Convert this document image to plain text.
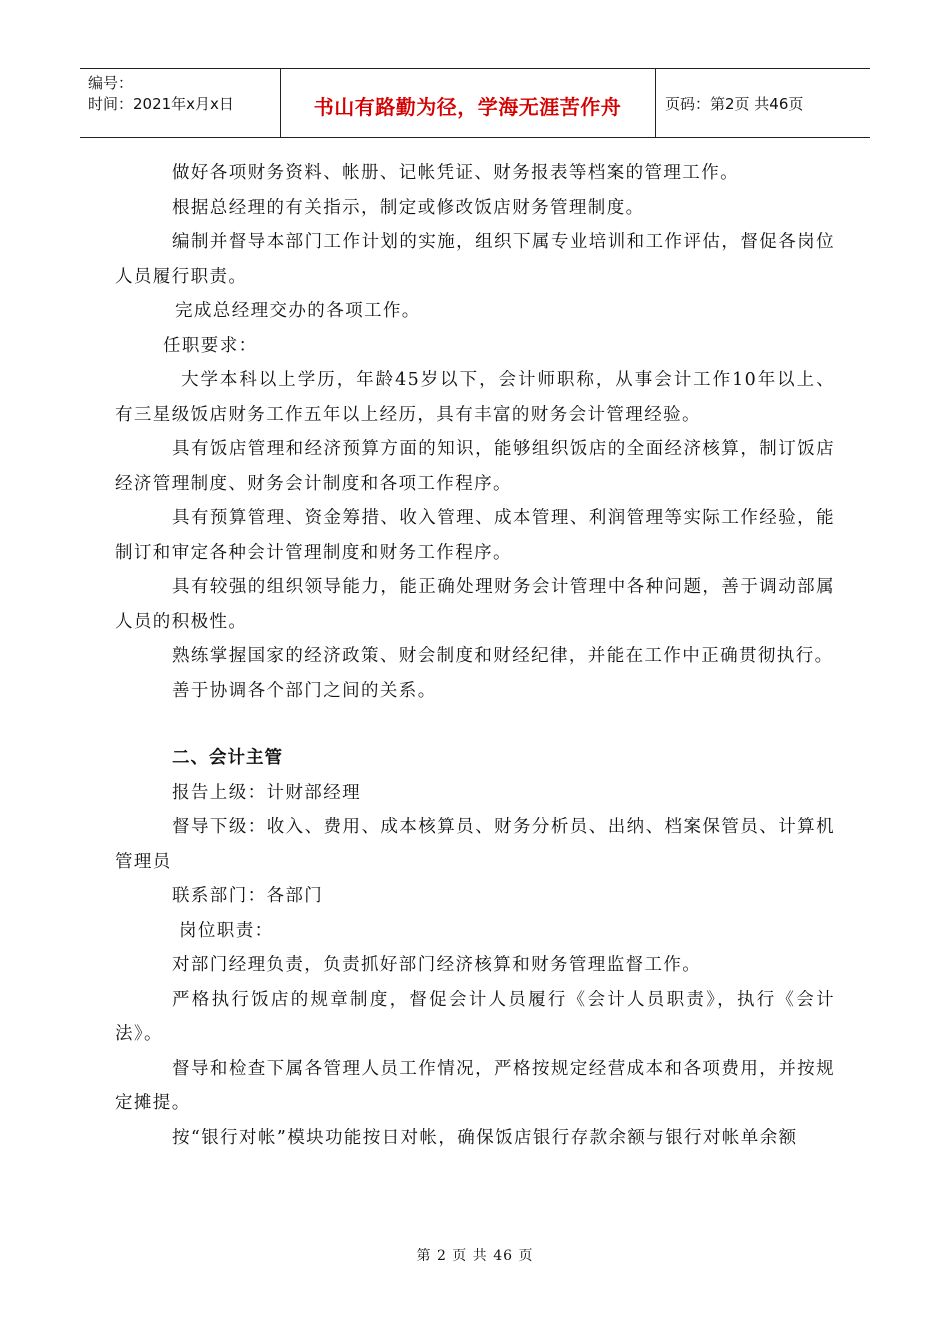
编号：
时间：2021年x月x日	书山有路勤为径，学海无涯苦作舟	页码：第2页 共46页

做好各项财务资料、帐册、记帐凭证、财务报表等档案的管理工作。

根据总经理的有关指示，制定或修改饭店财务管理制度。

编制并督导本部门工作计划的实施，组织下属专业培训和工作评估，督促各岗位人员履行职责。

完成总经理交办的各项工作。

任职要求：

大学本科以上学历，年龄45岁以下，会计师职称，从事会计工作10年以上、有三星级饭店财务工作五年以上经历，具有丰富的财务会计管理经验。

具有饭店管理和经济预算方面的知识，能够组织饭店的全面经济核算，制订饭店经济管理制度、财务会计制度和各项工作程序。

具有预算管理、资金筹措、收入管理、成本管理、利润管理等实际工作经验，能制订和审定各种会计管理制度和财务工作程序。

具有较强的组织领导能力，能正确处理财务会计管理中各种问题，善于调动部属人员的积极性。

熟练掌握国家的经济政策、财会制度和财经纪律，并能在工作中正确贯彻执行。

善于协调各个部门之间的关系。

二、会计主管

报告上级：计财部经理

督导下级：收入、费用、成本核算员、财务分析员、出纳、档案保管员、计算机管理员

联系部门：各部门

岗位职责：

对部门经理负责，负责抓好部门经济核算和财务管理监督工作。

严格执行饭店的规章制度，督促会计人员履行《会计人员职责》，执行《会计法》。

督导和检查下属各管理人员工作情况，严格按规定经营成本和各项费用，并按规定摊提。

按“银行对帐”模块功能按日对帐，确保饭店银行存款余额与银行对帐单余额

第 2 页 共 46 页
